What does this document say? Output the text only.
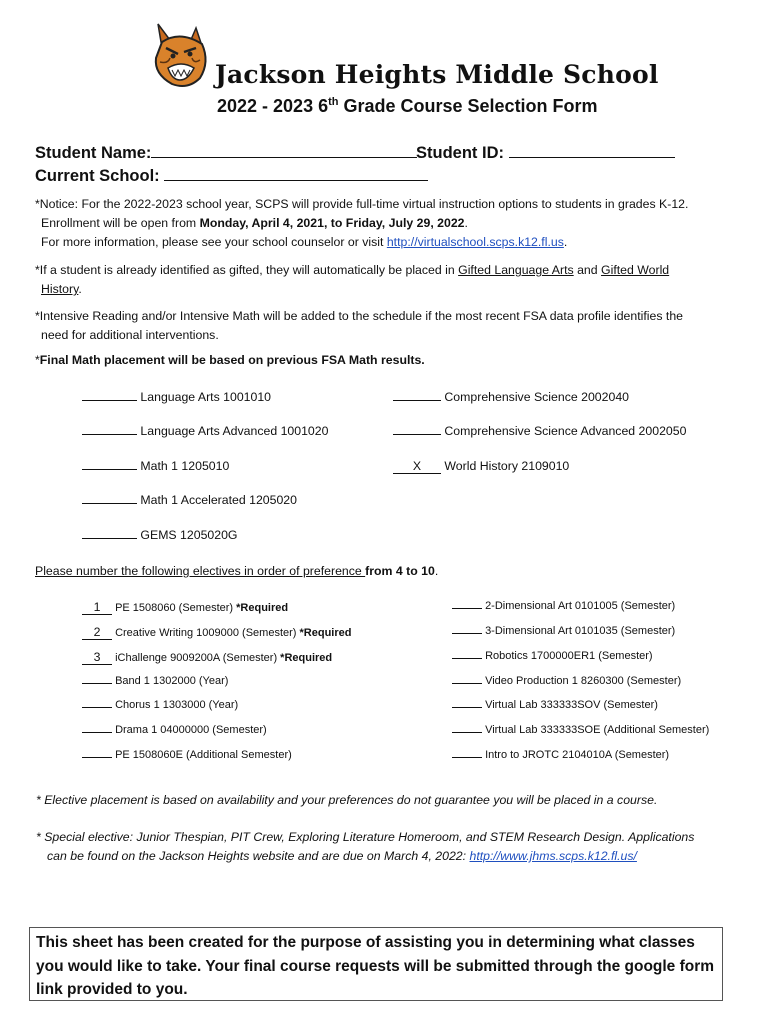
Jackson Heights Middle School
2022 - 2023 6th Grade Course Selection Form
Student Name:	Student ID:
Current School:
*Notice: For the 2022-2023 school year, SCPS will provide full-time virtual instruction options to students in grades K-12.
Enrollment will be open from Monday, April 4, 2021, to Friday, July 29, 2022.
For more information, please see your school counselor or visit http://virtualschool.scps.k12.fl.us.
*If a student is already identified as gifted, they will automatically be placed in Gifted Language Arts and Gifted World
History.
*Intensive Reading and/or Intensive Math will be added to the schedule if the most recent FSA data profile identifies the
need for additional interventions.
*Final Math placement will be based on previous FSA Math results.
Language Arts 1001010
Language Arts Advanced 1001020
Math 1 1205010
Math 1 Accelerated 1205020
GEMS 1205020G
Comprehensive Science 2002040
Comprehensive Science Advanced 2002050
X World History 2109010
Please number the following electives in order of preference from 4 to 10.
1 PE 1508060 (Semester) *Required
2 Creative Writing 1009000 (Semester) *Required
3 iChallenge 9009200A (Semester) *Required
Band 1 1302000 (Year)
Chorus 1 1303000 (Year)
Drama 1 04000000 (Semester)
PE 1508060E (Additional Semester)
2-Dimensional Art 0101005 (Semester)
3-Dimensional Art 0101035 (Semester)
Robotics 1700000ER1 (Semester)
Video Production 1 8260300 (Semester)
Virtual Lab 333333SOV (Semester)
Virtual Lab 333333SOE (Additional Semester)
Intro to JROTC 2104010A (Semester)
* Elective placement is based on availability and your preferences do not guarantee you will be placed in a course.
* Special elective: Junior Thespian, PIT Crew, Exploring Literature Homeroom, and STEM Research Design. Applications
can be found on the Jackson Heights website and are due on March 4, 2022: http://www.jhms.scps.k12.fl.us/
This sheet has been created for the purpose of assisting you in determining what classes you would like to take. Your final course requests will be submitted through the google form link provided to you.
